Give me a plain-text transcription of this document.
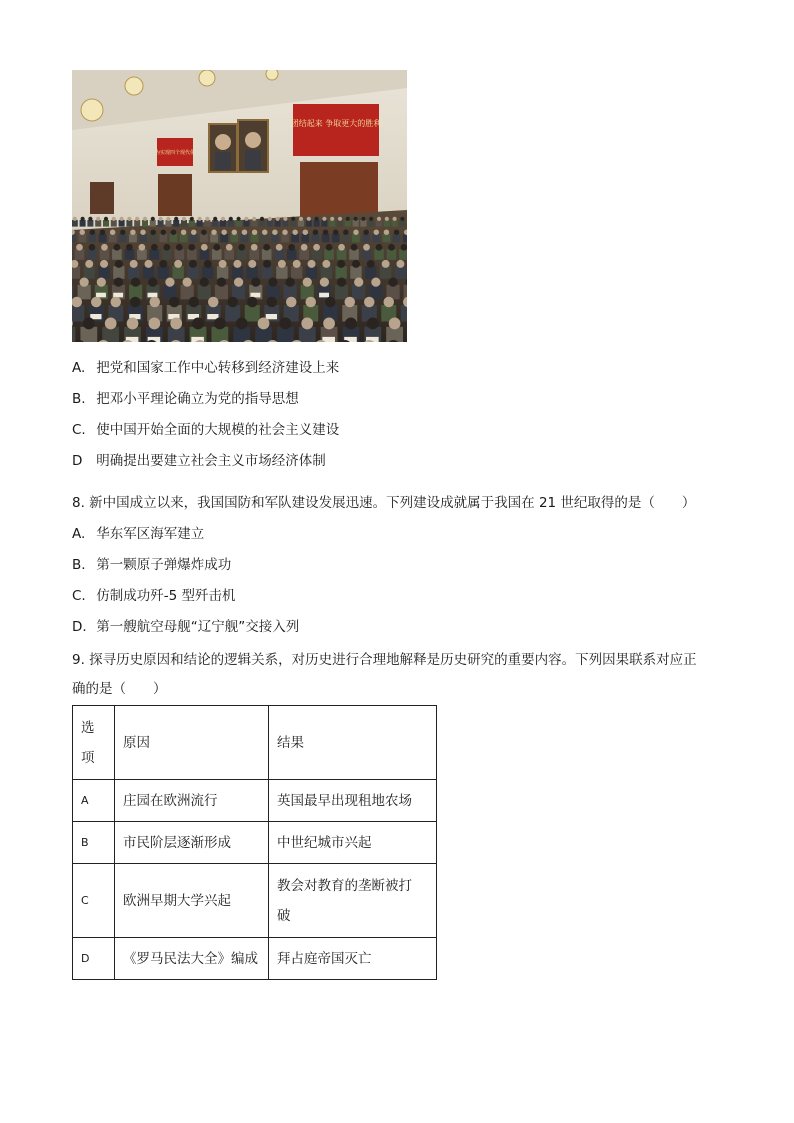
为实现四个现代化
团结起来 争取更大的胜利
A. 把党和国家工作中心转移到经济建设上来
B. 把邓小平理论确立为党的指导思想
C. 使中国开始全面的大规模的社会主义建设
D 明确提出要建立社会主义市场经济体制
8. 新中国成立以来，我国国防和军队建设发展迅速。下列建设成就属于我国在 21 世纪取得的是（　　）
A. 华东军区海军建立
B. 第一颗原子弹爆炸成功
C. 仿制成功歼-5 型歼击机
D. 第一艘航空母舰“辽宁舰”交接入列
9. 探寻历史原因和结论的逻辑关系，对历史进行合理地解释是历史研究的重要内容。下列因果联系对应正
确的是（　　）
选
项	原因	结果
A	庄园在欧洲流行	英国最早出现租地农场
B	市民阶层逐渐形成	中世纪城市兴起
C	欧洲早期大学兴起	教会对教育的垄断被打
破

D	《罗马民法大全》编成	拜占庭帝国灭亡
